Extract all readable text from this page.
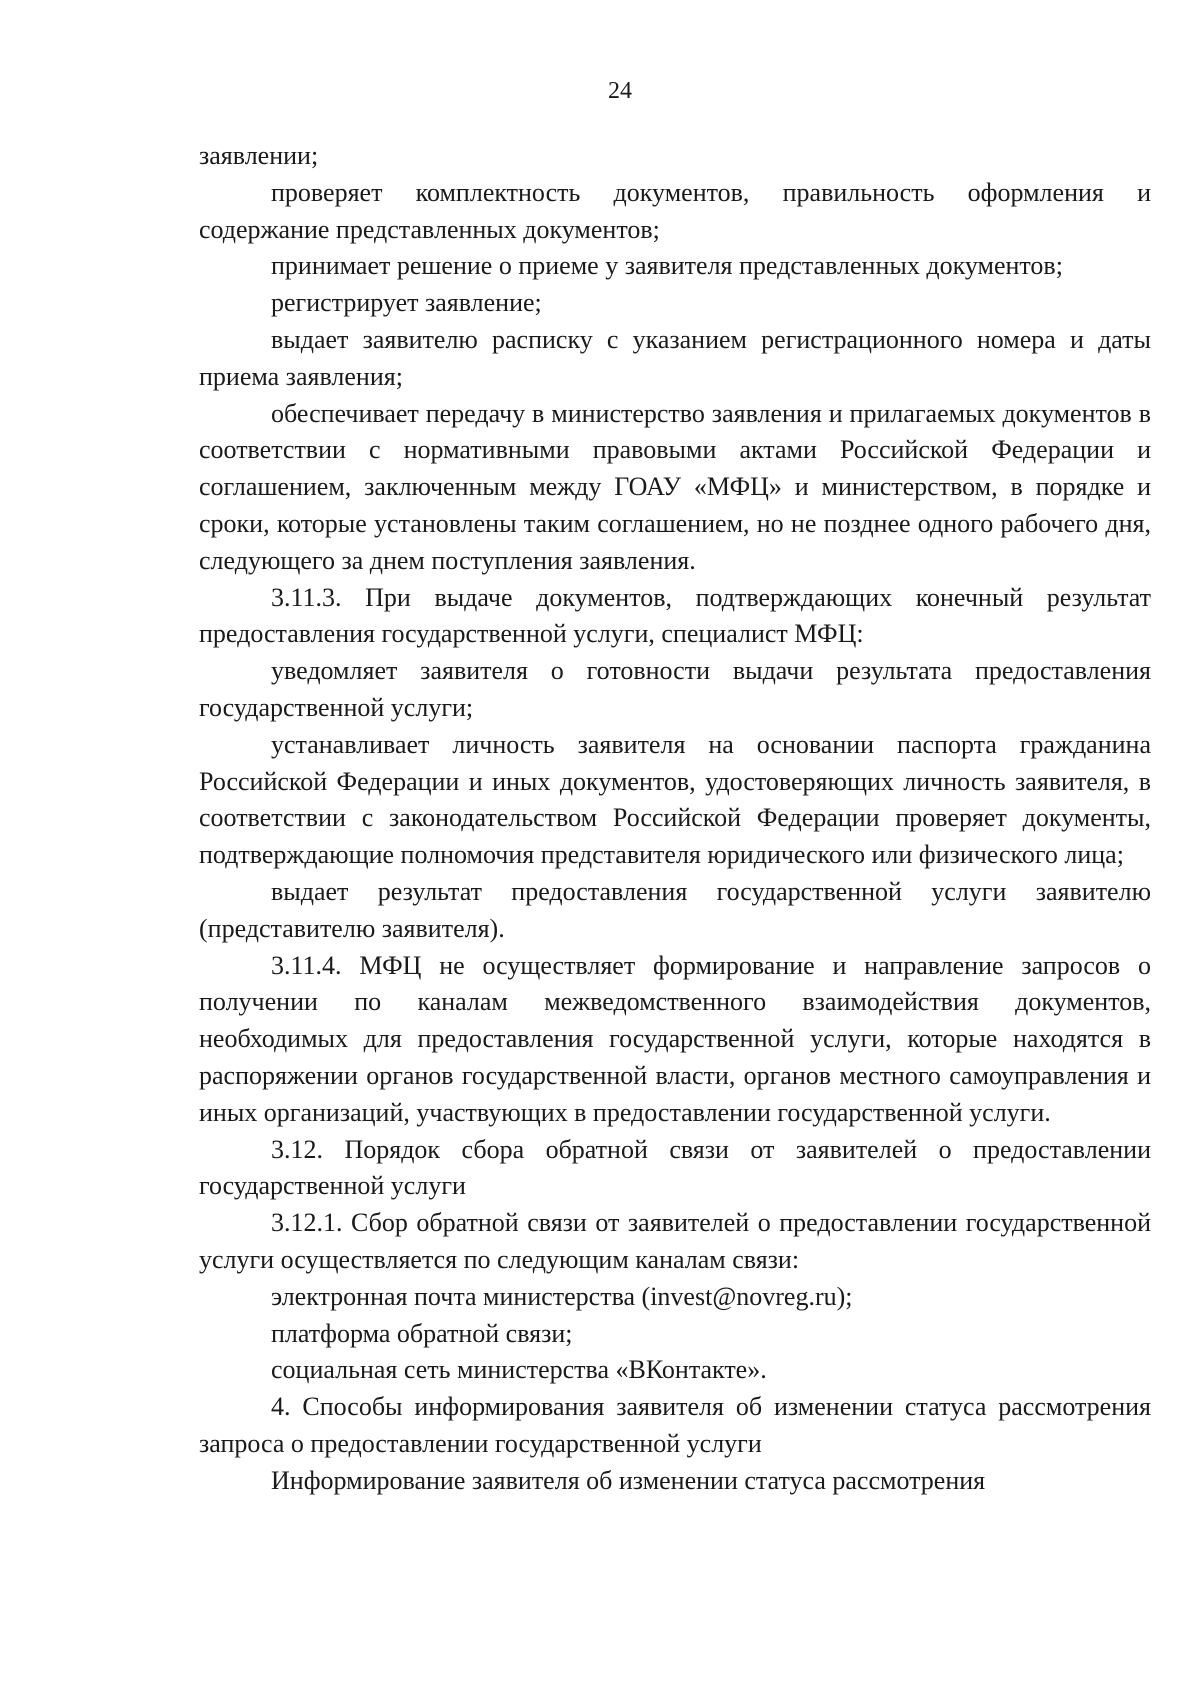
24

заявлении;

проверяет комплектность документов, правильность оформления и содержание представленных документов;

принимает решение о приеме у заявителя представленных документов;

регистрирует заявление;

выдает заявителю расписку с указанием регистрационного номера и даты приема заявления;

обеспечивает передачу в министерство заявления и прилагаемых документов в соответствии с нормативными правовыми актами Российской Федерации и соглашением, заключенным между ГОАУ «МФЦ» и министерством, в порядке и сроки, которые установлены таким соглашением, но не позднее одного рабочего дня, следующего за днем поступления заявления.

3.11.3. При выдаче документов, подтверждающих конечный результат предоставления государственной услуги, специалист МФЦ:

уведомляет заявителя о готовности выдачи результата предоставления государственной услуги;

устанавливает личность заявителя на основании паспорта гражданина Российской Федерации и иных документов, удостоверяющих личность заявителя, в соответствии с законодательством Российской Федерации проверяет документы, подтверждающие полномочия представителя юридического или физического лица;

выдает результат предоставления государственной услуги заявителю (представителю заявителя).

3.11.4. МФЦ не осуществляет формирование и направление запросов о получении по каналам межведомственного взаимодействия документов, необходимых для предоставления государственной услуги, которые находятся в распоряжении органов государственной власти, органов местного самоуправления и иных организаций, участвующих в предоставлении государственной услуги.

3.12. Порядок сбора обратной связи от заявителей о предоставлении государственной услуги

3.12.1. Сбор обратной связи от заявителей о предоставлении государственной услуги осуществляется по следующим каналам связи:

электронная почта министерства (invest@novreg.ru);

платформа обратной связи;

социальная сеть министерства «ВКонтакте».

4. Способы информирования заявителя об изменении статуса рассмотрения запроса о предоставлении государственной услуги

Информирование заявителя об изменении статуса рассмотрения
